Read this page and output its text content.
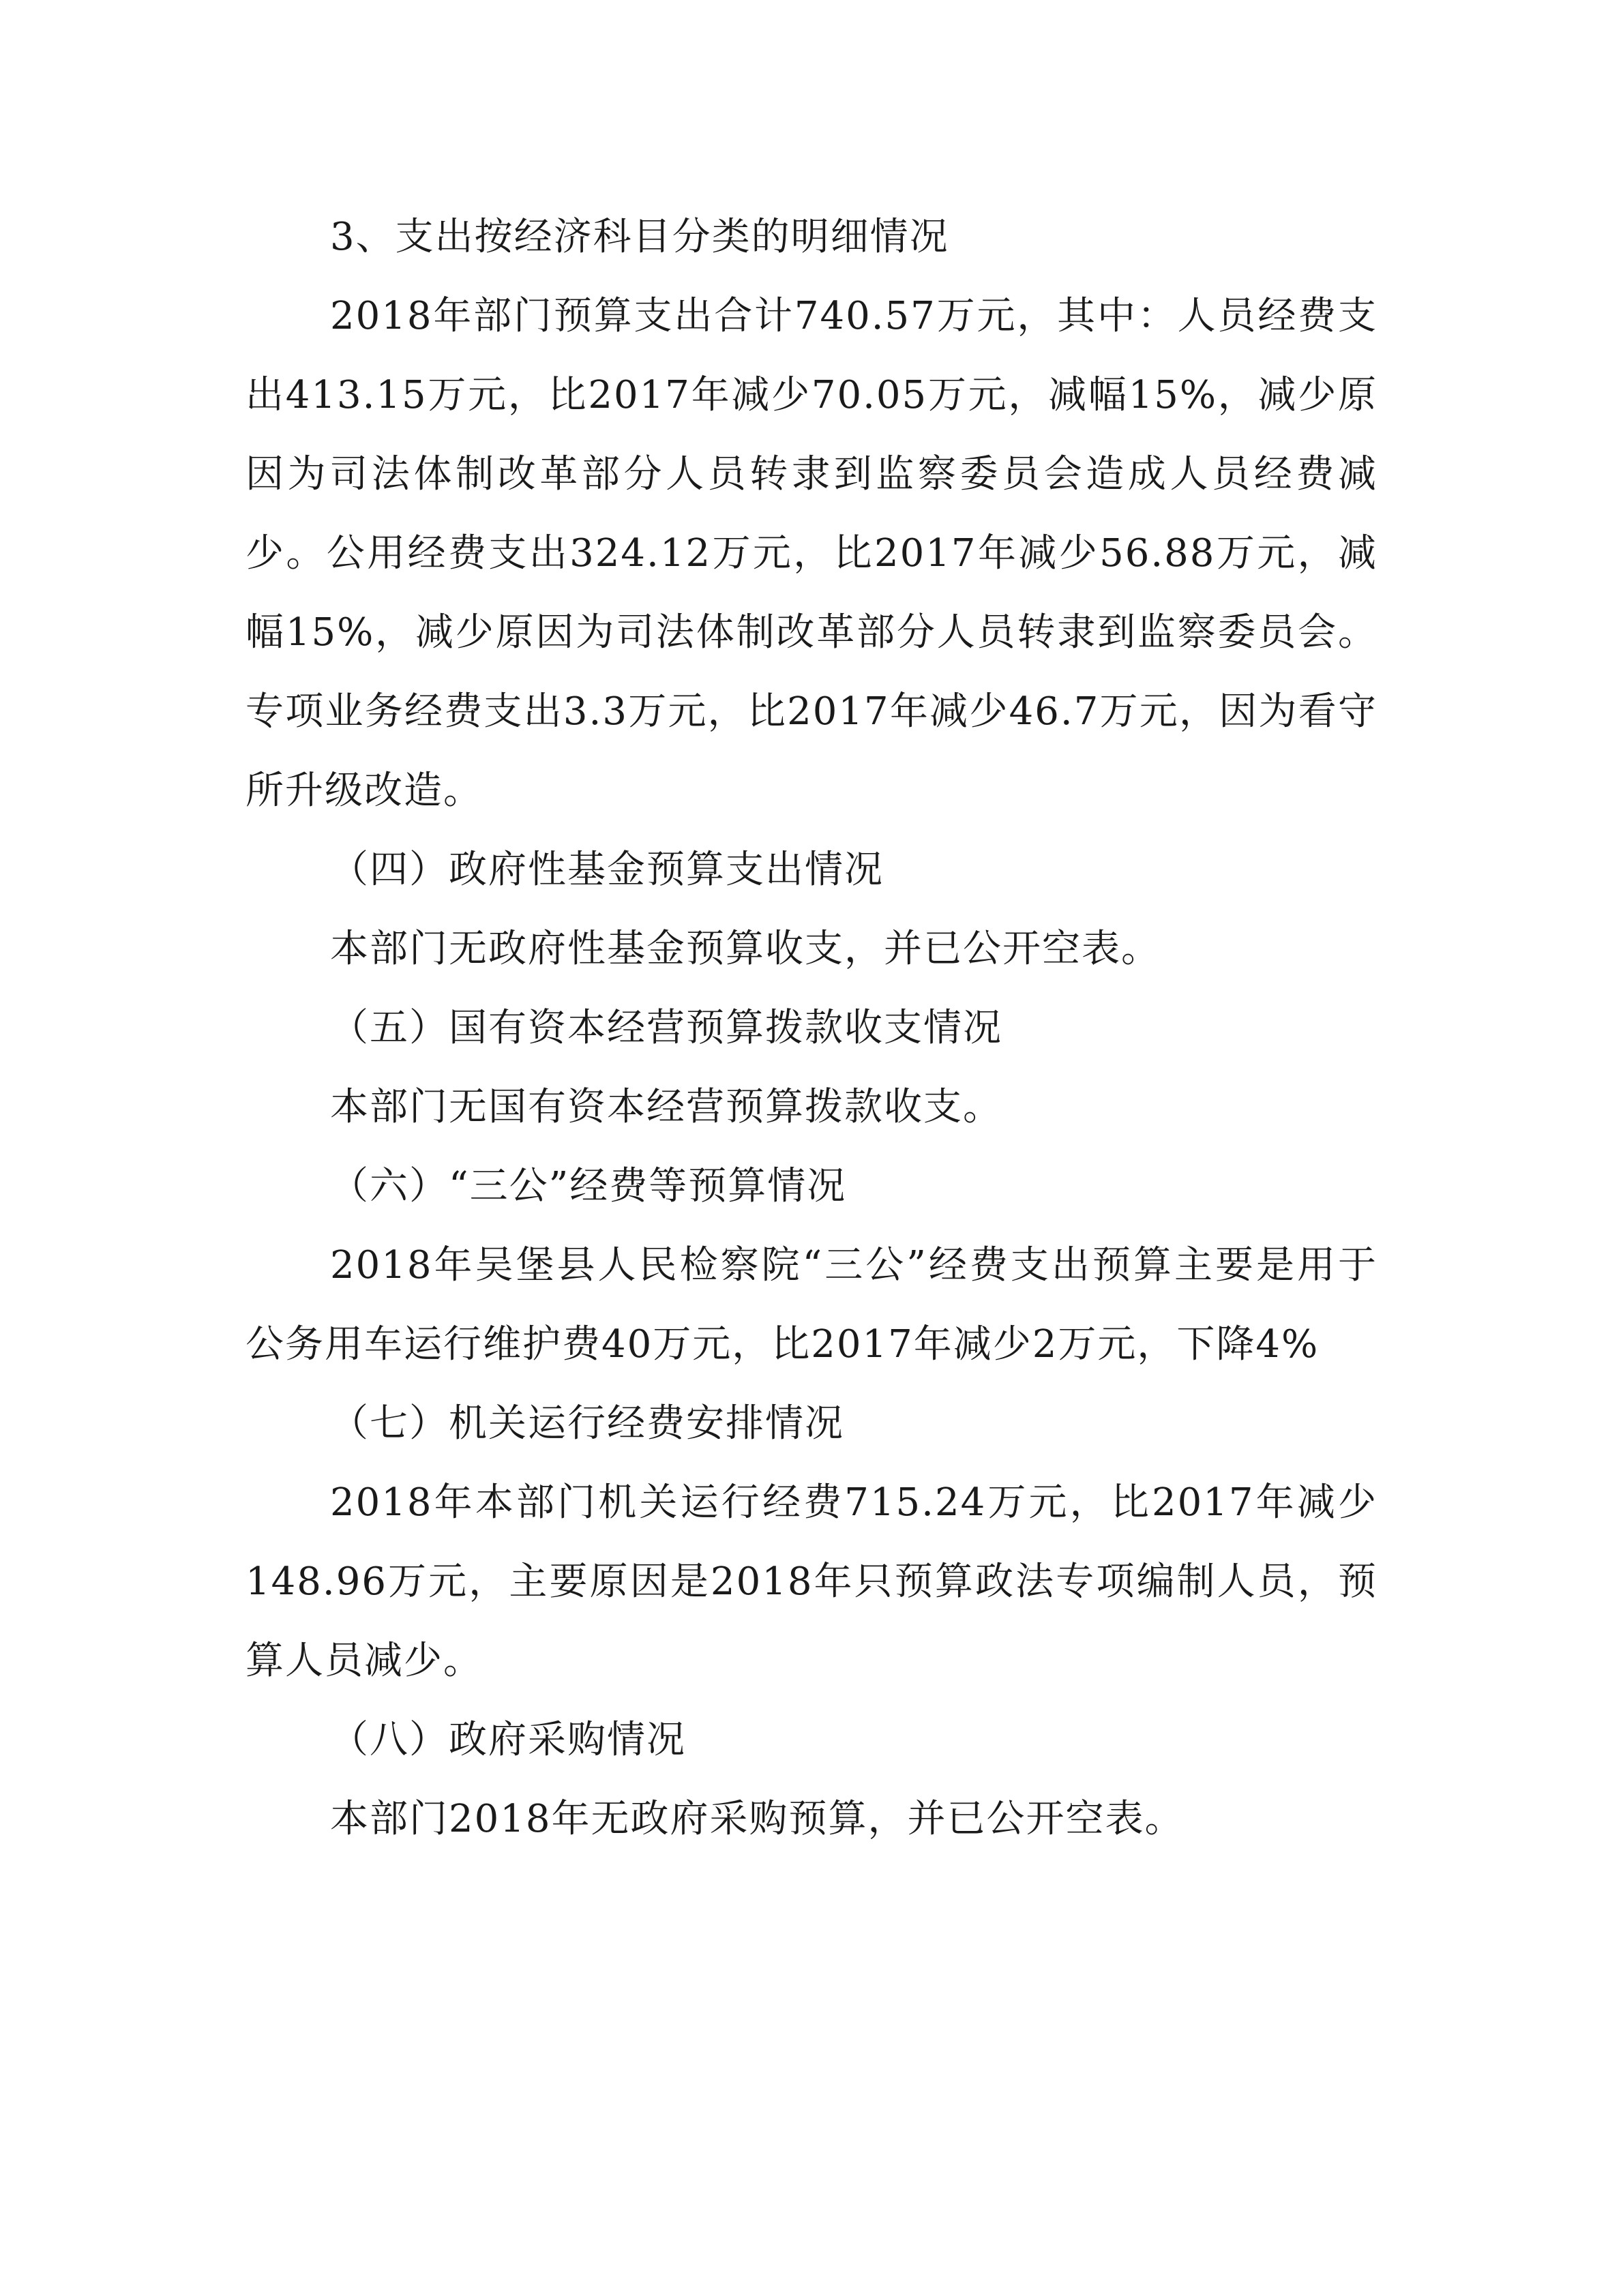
3、支出按经济科目分类的明细情况

2018年部门预算支出合计740.57万元，其中：人员经费支出413.15万元，比2017年减少70.05万元，减幅15%，减少原因为司法体制改革部分人员转隶到监察委员会造成人员经费减少。公用经费支出324.12万元，比2017年减少56.88万元，减幅15%，减少原因为司法体制改革部分人员转隶到监察委员会。专项业务经费支出3.3万元，比2017年减少46.7万元，因为看守所升级改造。

（四）政府性基金预算支出情况

本部门无政府性基金预算收支，并已公开空表。

（五）国有资本经营预算拨款收支情况

本部门无国有资本经营预算拨款收支。

（六）“三公”经费等预算情况

2018年吴堡县人民检察院“三公”经费支出预算主要是用于公务用车运行维护费40万元，比2017年减少2万元，下降4%

（七）机关运行经费安排情况

2018年本部门机关运行经费715.24万元，比2017年减少148.96万元，主要原因是2018年只预算政法专项编制人员，预算人员减少。

（八）政府采购情况

本部门2018年无政府采购预算，并已公开空表。
